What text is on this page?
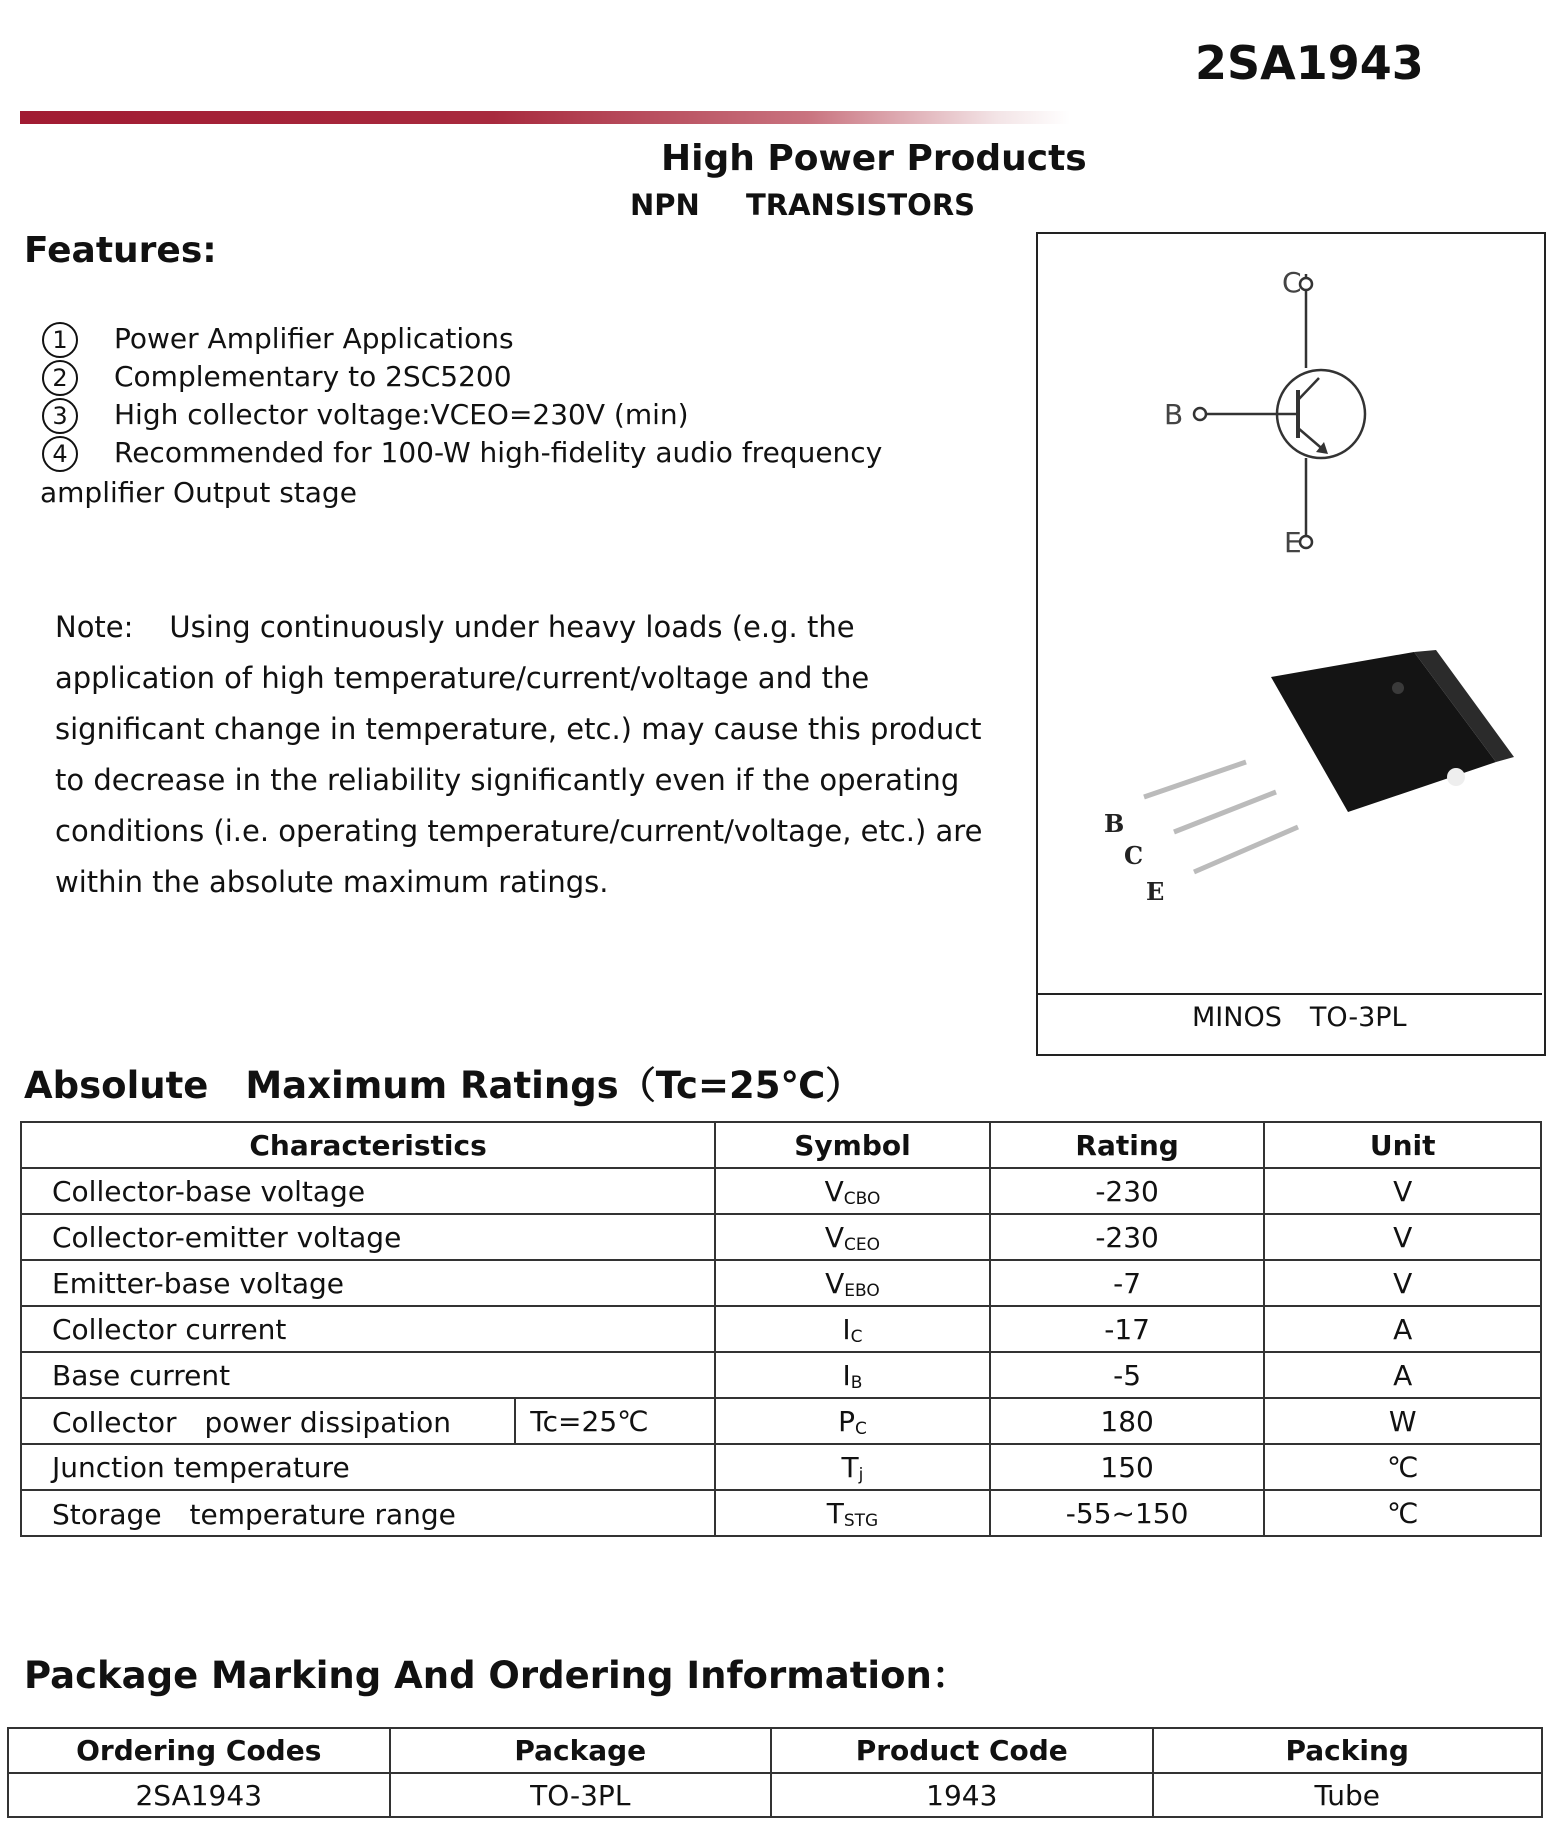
2SA1943
High Power Products
NPN TRANSISTORS
Features:
1 Power Amplifier Applications
2 Complementary to 2SC5200
3 High collector voltage:VCEO=230V (min)
4 Recommended for 100-W high-fidelity audio frequency
amplifier Output stage
Note: Using continuously under heavy loads (e.g. the application of high temperature/current/voltage and the significant change in temperature, etc.) may cause this product to decrease in the reliability significantly even if the operating conditions (i.e. operating temperature/current/voltage, etc.) are within the absolute maximum ratings.
C
B
E
B
C
E
MINOS TO-3PL
Absolute　Maximum Ratings（Tc=25℃）
Characteristics		Symbol	Rating	Unit
Collector-base voltage		$V_{CBO}$	-230	V
Collector-emitter voltage		$V_{CEO}$	-230	V
Emitter-base voltage		$V_{EBO}$	-7	V
Collector current		$I_C$	-17	A
Base current		$I_B$	-5	A
Collector　power dissipation	Tc=25℃	$P_C$	180	W
Junction temperature		$T_j$	150	℃
Storage　temperature range		$T_{STG}$	-55~150	℃
Package Marking And Ordering Information：
Ordering Codes	Package	Product Code	Packing
2SA1943	TO-3PL	1943	Tube
